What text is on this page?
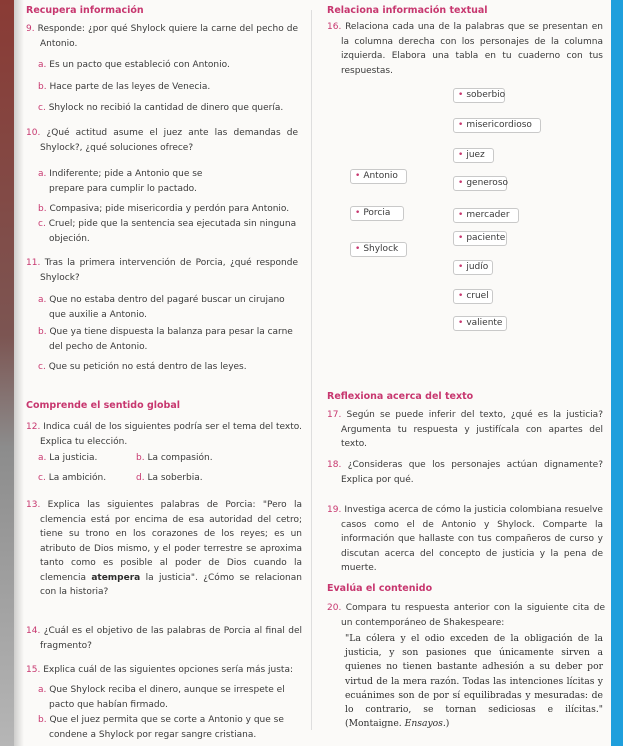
Recupera información
9. Responde: ¿por qué Shylock quiere la carne del pecho de Antonio.
a. Es un pacto que estableció con Antonio.
b. Hace parte de las leyes de Venecia.
c. Shylock no recibió la cantidad de dinero que quería.
10. ¿Qué actitud asume el juez ante las demandas de Shylock?, ¿qué soluciones ofrece?
a. Indiferente; pide a Antonio que se prepare para cumplir lo pactado.
b. Compasiva; pide misericordia y perdón para Antonio.
c. Cruel; pide que la sentencia sea ejecutada sin ninguna objeción.
11. Tras la primera intervención de Porcia, ¿qué responde Shylock?
a. Que no estaba dentro del pagaré buscar un cirujano que auxilie a Antonio.
b. Que ya tiene dispuesta la balanza para pesar la carne del pecho de Antonio.
c. Que su petición no está dentro de las leyes.
Comprende el sentido global
12. Indica cuál de los siguientes podría ser el tema del texto. Explica tu elección.
a. La justicia.	b. La compasión.
c. La ambición.	d. La soberbia.
13. Explica las siguientes palabras de Porcia: "Pero la clemencia está por encima de esa autoridad del cetro; tiene su trono en los corazones de los reyes; es un atributo de Dios mismo, y el poder terrestre se aproxima tanto como es posible al poder de Dios cuando la clemencia atempera la justicia". ¿Cómo se relacionan con la historia?
14. ¿Cuál es el objetivo de las palabras de Porcia al final del fragmento?
15. Explica cuál de las siguientes opciones sería más justa:
a. Que Shylock reciba el dinero, aunque se irrespete el pacto que habían firmado.
b. Que el juez permita que se corte a Antonio y que se condene a Shylock por regar sangre cristiana.
Relaciona información textual
16. Relaciona cada una de la palabras que se presentan en la columna derecha con los personajes de la columna izquierda. Elabora una tabla en tu cuaderno con tus respuestas.
• Antonio
• Porcia
• Shylock
• soberbio
• misericordioso
• juez
• generoso
• mercader
• paciente
• judío
• cruel
• valiente
Reflexiona acerca del texto
17. Según se puede inferir del texto, ¿qué es la justicia? Argumenta tu respuesta y justifícala con apartes del texto.
18. ¿Consideras que los personajes actúan dignamente? Explica por qué.
19. Investiga acerca de cómo la justicia colombiana resuelve casos como el de Antonio y Shylock. Comparte la información que hallaste con tus compañeros de curso y discutan acerca del concepto de justicia y la pena de muerte.
Evalúa el contenido
20. Compara tu respuesta anterior con la siguiente cita de un contemporáneo de Shakespeare:
"La cólera y el odio exceden de la obligación de la justicia, y son pasiones que únicamente sirven a quienes no tienen bastante adhesión a su deber por virtud de la mera razón. Todas las intenciones lícitas y ecuánimes son de por sí equilibradas y mesuradas: de lo contrario, se tornan sediciosas e ilícitas." (Montaigne. Ensayos.)
